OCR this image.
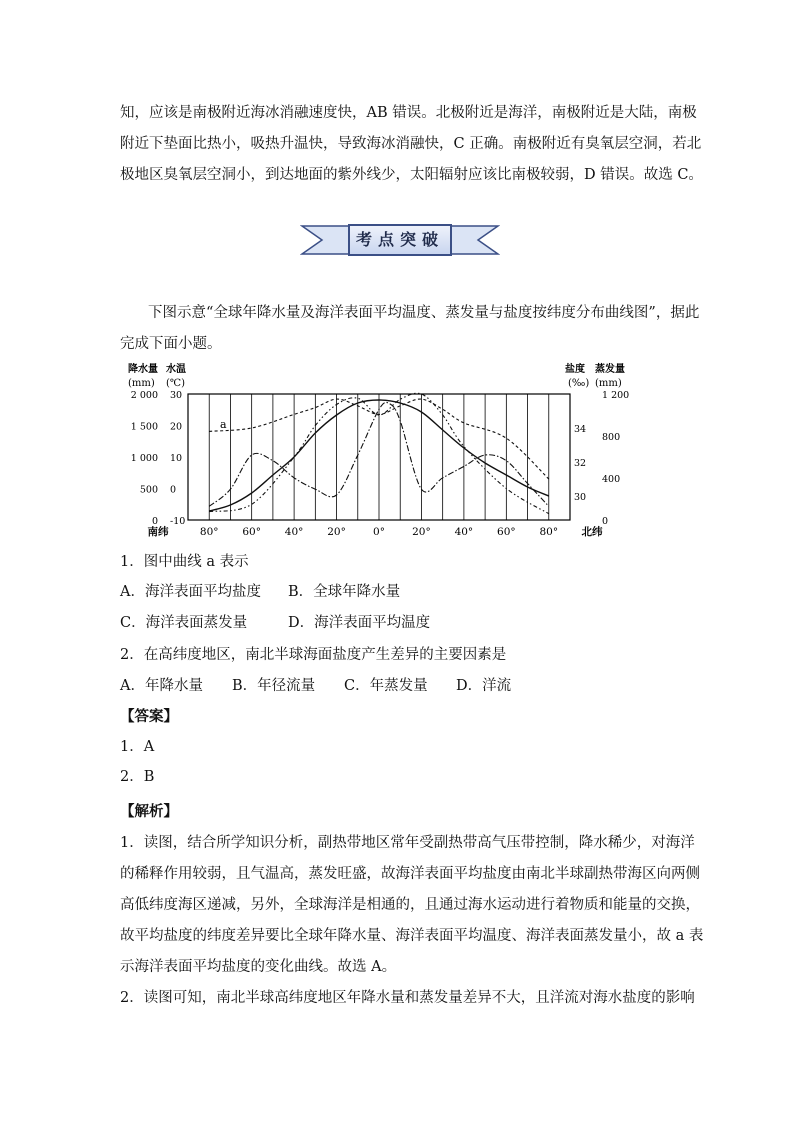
知，应该是南极附近海冰消融速度快，AB 错误。北极附近是海洋，南极附近是大陆，南极
附近下垫面比热小，吸热升温快，导致海冰消融快，C 正确。南极附近有臭氧层空洞，若北
极地区臭氧层空洞小，到达地面的紫外线少，太阳辐射应该比南极较弱，D 错误。故选 C。
考点突破
下图示意“全球年降水量及海洋表面平均温度、蒸发量与盐度按纬度分布曲线图”，据此
完成下面小题。
降水量 水温
(mm) (℃)
盐度 蒸发量
(‰) (mm)
2 000
1 500
1 000
500
0
30
20
10
0
-10
34
32
30
1 200
800
400
0
南纬	80° 60° 40° 20°	0°	20° 40° 60° 80° 北纬
a
1．图中曲线 a 表示
A．海洋表面平均盐度 B．全球年降水量
C．海洋表面蒸发量	D．海洋表面平均温度
2．在高纬度地区，南北半球海面盐度产生差异的主要因素是
A．年降水量 B．年径流量 C．年蒸发量 D．洋流
【答案】
1．A
2．B
【解析】
1．读图，结合所学知识分析，副热带地区常年受副热带高气压带控制，降水稀少，对海洋
的稀释作用较弱，且气温高，蒸发旺盛，故海洋表面平均盐度由南北半球副热带海区向两侧
高低纬度海区递减，另外，全球海洋是相通的，且通过海水运动进行着物质和能量的交换，
故平均盐度的纬度差异要比全球年降水量、海洋表面平均温度、海洋表面蒸发量小，故 a 表
示海洋表面平均盐度的变化曲线。故选 A。
2．读图可知，南北半球高纬度地区年降水量和蒸发量差异不大，且洋流对海水盐度的影响
